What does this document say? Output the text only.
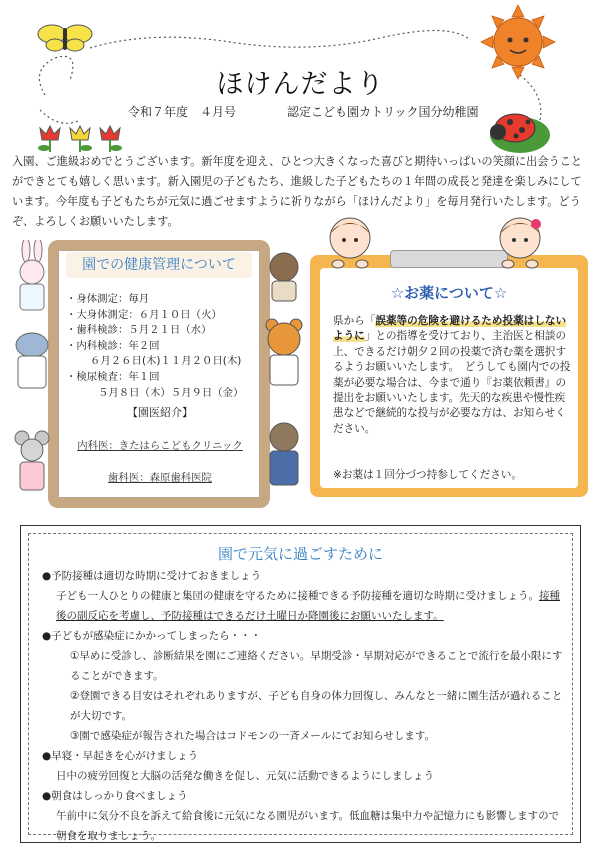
ほけんだより
令和７年度　４月号	認定こども園カトリック国分幼稚園
入園、ご進級おめでとうございます。新年度を迎え、ひとつ大きくなった喜びと期待いっぱいの笑顔に出会うことができとても嬉しく思います。新入園児の子どもたち、進級した子どもたちの１年間の成長と発達を楽しみにしています。今年度も子どもたちが元気に過ごせますように祈りながら「ほけんだより」を毎月発行いたします。どうぞ、よろしくお願いいたします。
園での健康管理について
・身体測定：毎月
・大身体測定：６月１０日（火）
・歯科検診：５月２１日（水）
・内科検診：年２回
６月２６日(木)１１月２０日(木)
・検尿検査：年１回
５月８日（木）５月９日（金）
【園医紹介】
内科医：きたはらこどもクリニック
歯科医：森原歯科医院
☆お薬について☆
県から「誤薬等の危険を避けるため投薬はしないように」との指導を受けており、主治医と相談の上、できるだけ朝夕２回の投薬で済む薬を選択するようお願いいたします。　どうしても園内での投薬が必要な場合は、今まで通り『お薬依頼書』の提出をお願いいたします。先天的な疾患や慢性疾患などで継続的な投与が必要な方は、お知らせください。
※お薬は１回分づつ持参してください。
園で元気に過ごすために
●予防接種は適切な時期に受けておきましょう
子ども一人ひとりの健康と集団の健康を守るために接種できる予防接種を適切な時期に受けましょう。接種後の副反応を考慮し、予防接種はできるだけ土曜日か降園後にお願いいたします。
●子どもが感染症にかかってしまったら・・・
①早めに受診し、診断結果を園にご連絡ください。早期受診・早期対応ができることで流行を最小限にすることができます。
②登園できる目安はそれぞれありますが、子ども自身の体力回復し、みんなと一緒に園生活が過れることが大切です。
③園で感染症が報告された場合はコドモンの一斉メールにてお知らせします。
●早寝・早起きを心がけましょう
日中の疲労回復と大脳の活発な働きを促し、元気に活動できるようにしましょう
●朝食はしっかり食べましょう
午前中に気分不良を訴えて給食後に元気になる園児がいます。低血糖は集中力や記憶力にも影響しますので朝食を取りましょう。
